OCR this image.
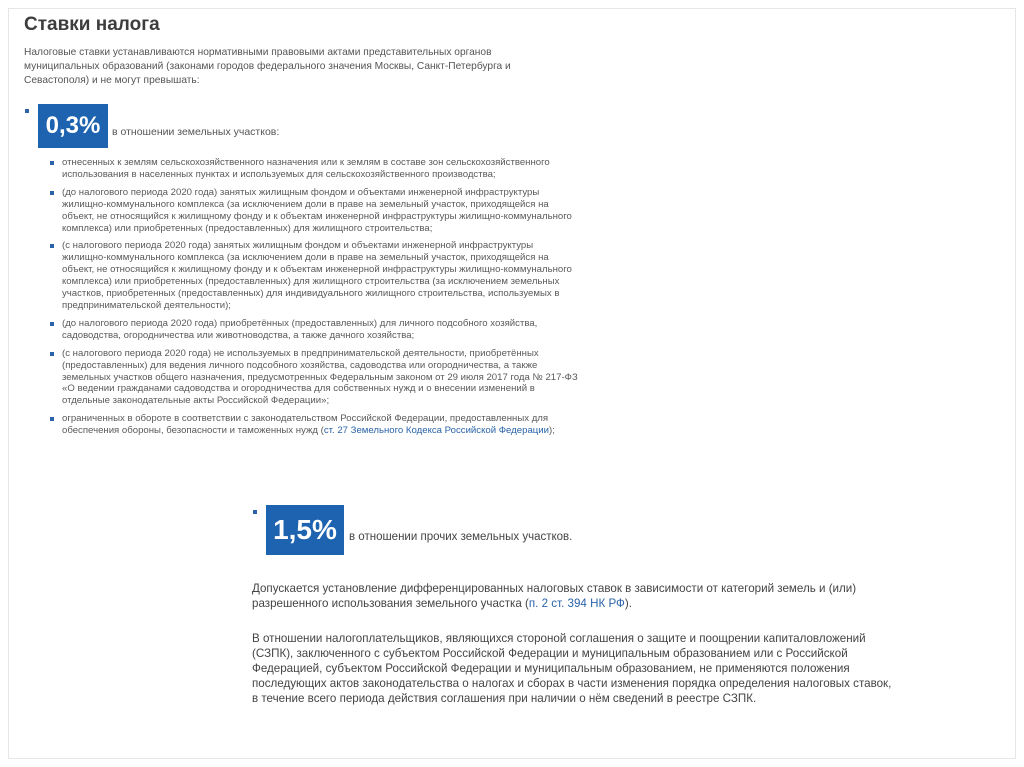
Ставки налога

Налоговые ставки устанавливаются нормативными правовыми актами представительных органов муниципальных образований (законами городов федерального значения Москвы, Санкт-Петербурга и Севастополя) и не могут превышать:

0,3%	в отношении земельных участков:
отнесенных к землям сельскохозяйственного назначения или к землям в составе зон сельскохозяйственного использования в населенных пунктах и используемых для сельскохозяйственного производства;
(до налогового периода 2020 года) занятых жилищным фондом и объектами инженерной инфраструктуры жилищно-коммунального комплекса (за исключением доли в праве на земельный участок, приходящейся на объект, не относящийся к жилищному фонду и к объектам инженерной инфраструктуры жилищно-коммунального комплекса) или приобретенных (предоставленных) для жилищного строительства;
(с налогового периода 2020 года) занятых жилищным фондом и объектами инженерной инфраструктуры жилищно-коммунального комплекса (за исключением доли в праве на земельный участок, приходящейся на объект, не относящийся к жилищному фонду и к объектам инженерной инфраструктуры жилищно-коммунального комплекса) или приобретенных (предоставленных) для жилищного строительства (за исключением земельных участков, приобретенных (предоставленных) для индивидуального жилищного строительства, используемых в предпринимательской деятельности);
(до налогового периода 2020 года) приобретённых (предоставленных) для личного подсобного хозяйства, садоводства, огородничества или животноводства, а также дачного хозяйства;
(с налогового периода 2020 года) не используемых в предпринимательской деятельности, приобретённых (предоставленных) для ведения личного подсобного хозяйства, садоводства или огородничества, а также земельных участков общего назначения, предусмотренных Федеральным законом от 29 июля 2017 года № 217-ФЗ «О ведении гражданами садоводства и огородничества для собственных нужд и о внесении изменений в отдельные законодательные акты Российской Федерации»;
ограниченных в обороте в соответствии с законодательством Российской Федерации, предоставленных для обеспечения обороны, безопасности и таможенных нужд (ст. 27 Земельного Кодекса Российской Федерации);
1,5%	в отношении прочих земельных участков.

Допускается установление дифференцированных налоговых ставок в зависимости от категорий земель и (или) разрешенного использования земельного участка (п. 2 ст. 394 НК РФ).

В отношении налогоплательщиков, являющихся стороной соглашения о защите и поощрении капиталовложений (СЗПК), заключенного с субъектом Российской Федерации и муниципальным образованием или с Российской Федерацией, субъектом Российской Федерации и муниципальным образованием, не применяются положения последующих актов законодательства о налогах и сборах в части изменения порядка определения налоговых ставок, в течение всего периода действия соглашения при наличии о нём сведений в реестре СЗПК.
